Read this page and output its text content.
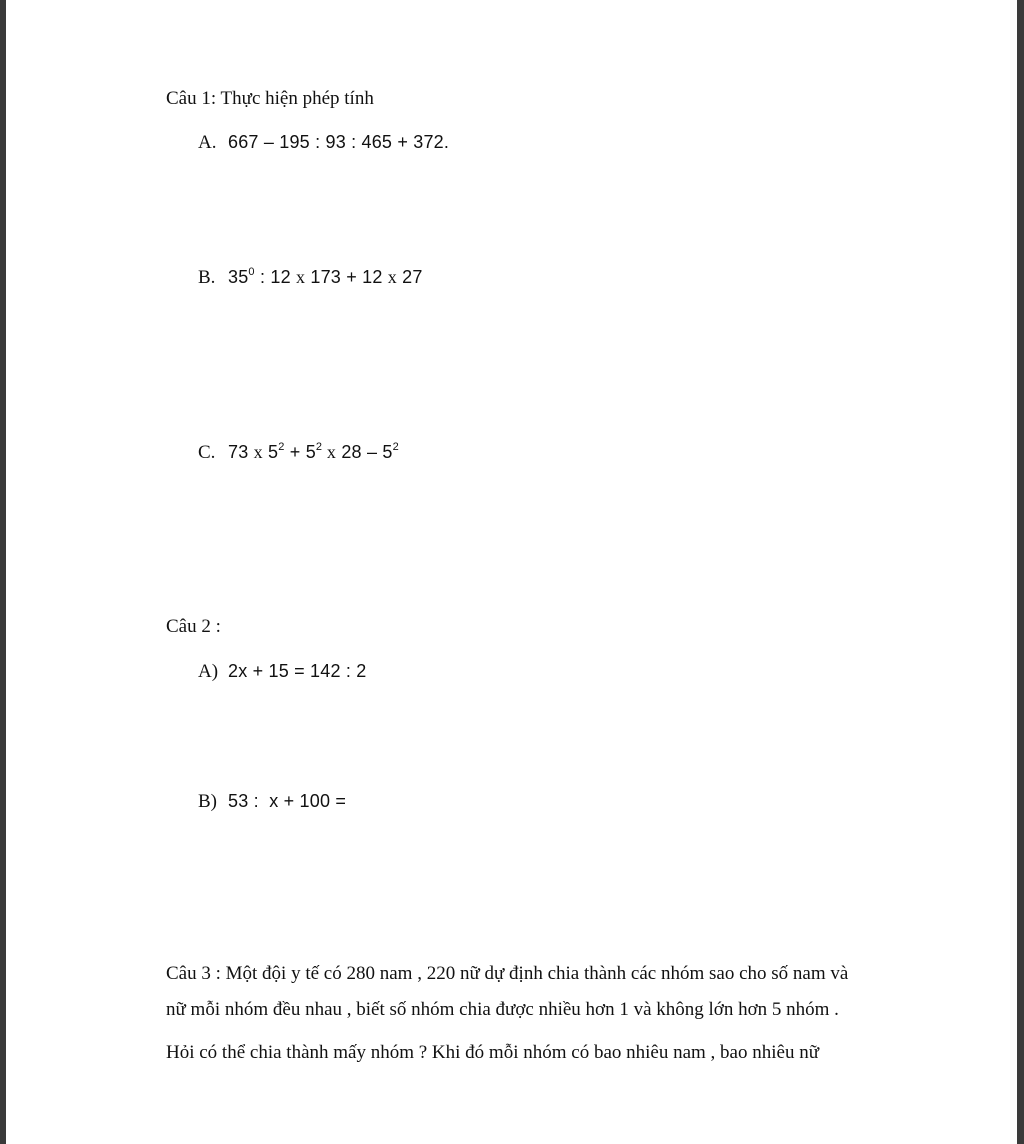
Câu 1: Thực hiện phép tính

A. 667 – 195 : 93 : 465 + 372.

B. $35^0$ : 12 x 173 + 12 x 27

C. 73 x $5^2 + 5^2$ x $28 - 5^2$

Câu 2 :

A) 2x + 15 = 142 : 2

B) 53 :  x + 100 =

Câu 3 : Một đội y tế có 280 nam , 220 nữ dự định chia thành các nhóm sao cho số nam và

nữ mỗi nhóm đều nhau , biết số nhóm chia được nhiều hơn 1 và không lớn hơn 5 nhóm .

Hỏi có thể chia thành mấy nhóm ? Khi đó mỗi nhóm có bao nhiêu nam , bao nhiêu nữ
